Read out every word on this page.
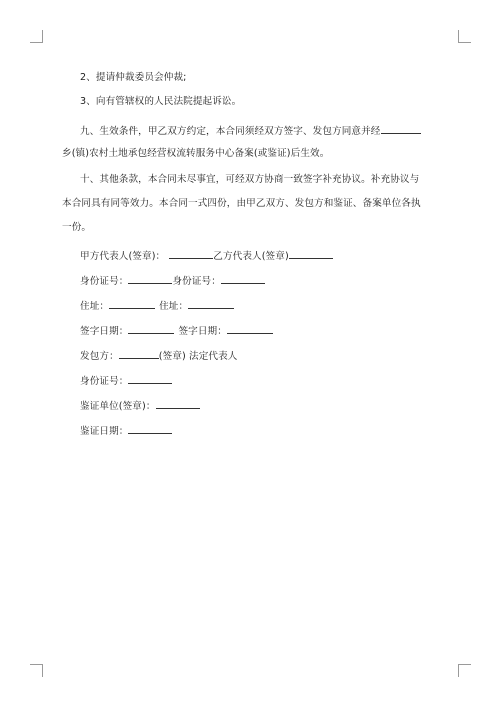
2、提请仲裁委员会仲裁;
3、向有管辖权的人民法院提起诉讼。
九、生效条件，甲乙双方约定，本合同须经双方签字、发包方同意并经
乡(镇)农村土地承包经营权流转服务中心备案(或鉴证)后生效。
十、其他条款，本合同未尽事宜，可经双方协商一致签字补充协议。补充协议与
本合同具有同等效力。本合同一式四份，由甲乙双方、发包方和鉴证、备案单位各执
一份。
甲方代表人(签章)：	乙方代表人(签章)
身份证号：	身份证号：
住址：	住址：
签字日期：	签字日期：
发包方：	(签章) 法定代表人
身份证号：
鉴证单位(签章)：
鉴证日期：
